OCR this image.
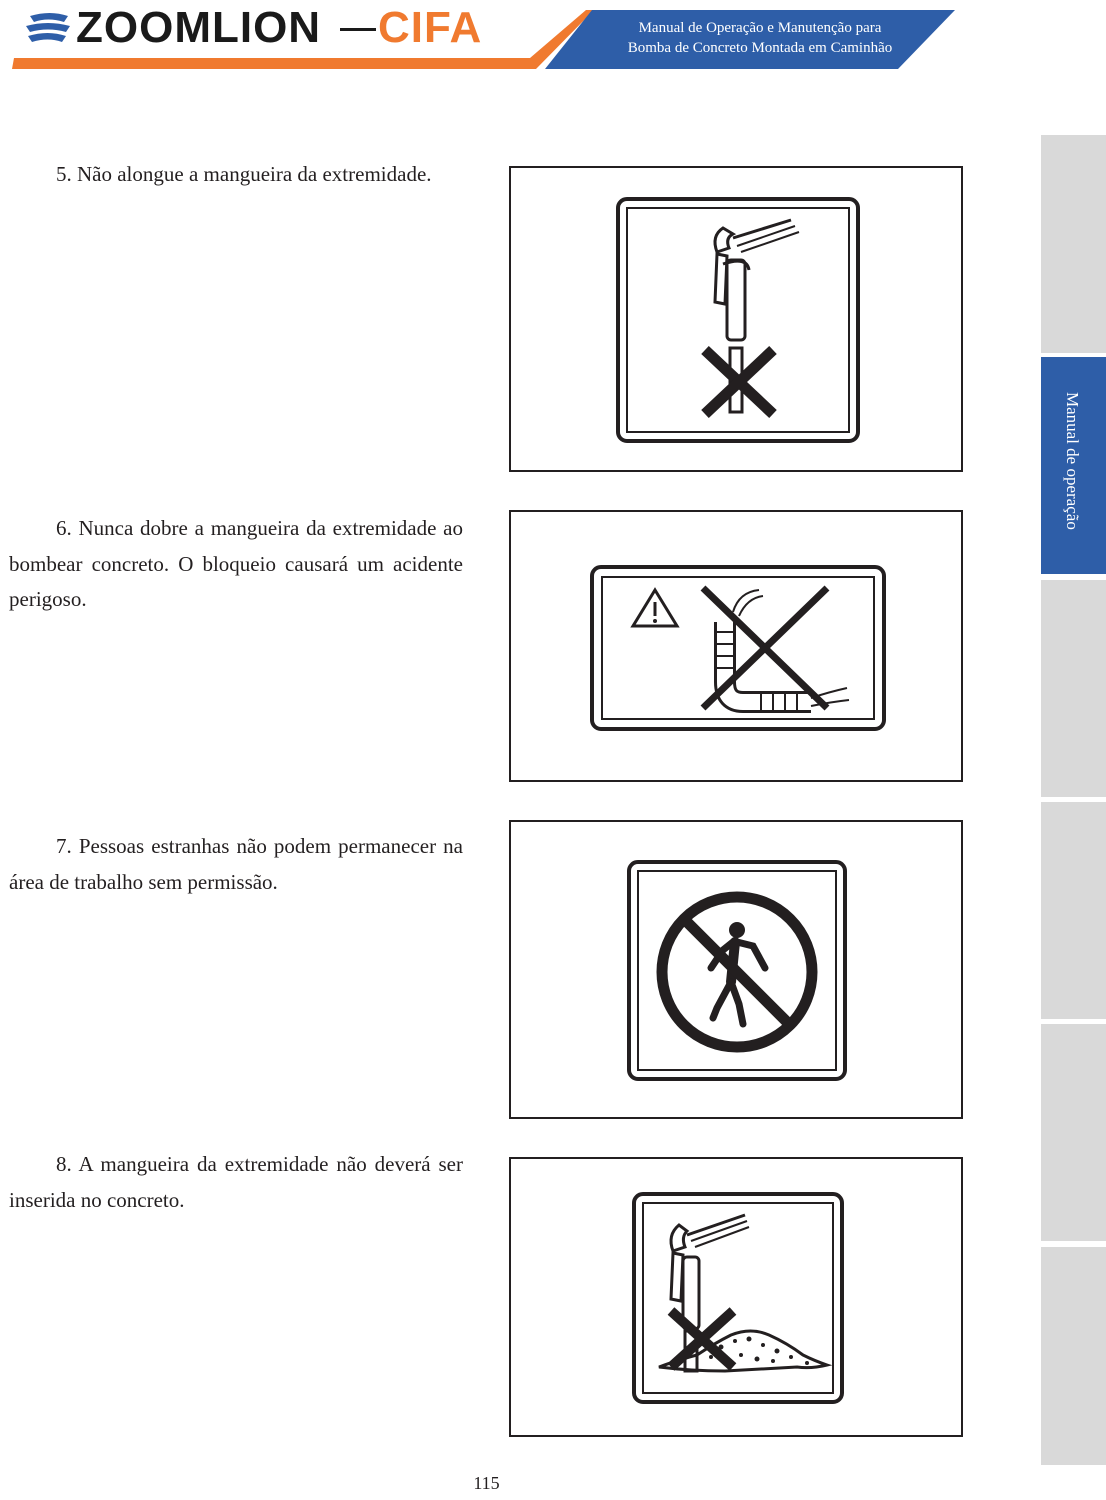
ZOOMLION CIFA	Manual de Operação e Manutenção para
Bomba de Concreto Montada em Caminhão
Manual de operação

5. Não alongue a mangueira da extremidade.

6. Nunca dobre a mangueira da extremidade ao bombear concreto. O bloqueio causará um acidente perigoso.

7. Pessoas estranhas não podem permanecer na área de trabalho sem permissão.

8. A mangueira da extremidade não deverá ser inserida no concreto.

115
